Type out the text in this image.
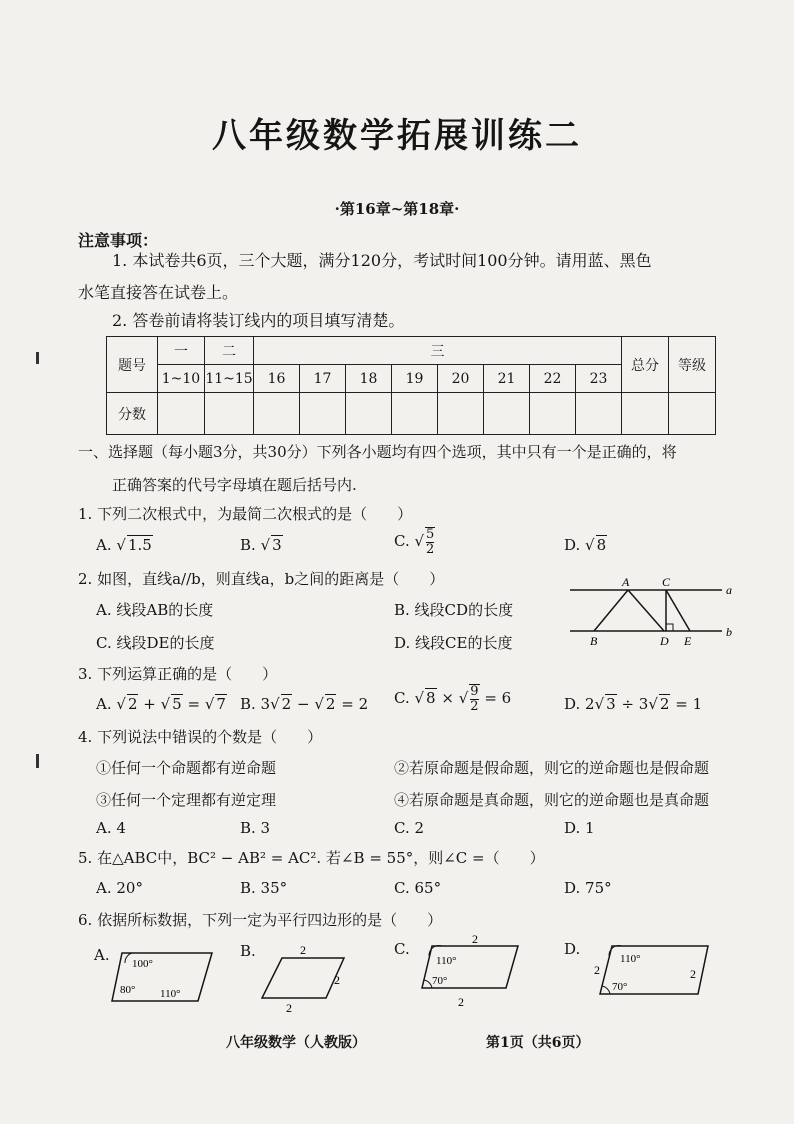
八年级数学拓展训练二
·第16章~第18章·
注意事项：
1. 本试卷共6页，三个大题，满分120分，考试时间100分钟。请用蓝、黑色
水笔直接答在试卷上。
2. 答卷前请将装订线内的项目填写清楚。
题号	一	二	三								总分	等级
	1~10	11~15	16	17	18	19	20	21	22	23		
分数												
一、选择题（每小题3分，共30分）下列各小题均有四个选项，其中只有一个是正确的，将
正确答案的代号字母填在题后括号内.
1. 下列二次根式中，为最简二次根式的是（　　）
A. √ 1.5	B. √ 3	C. √ $\frac{5}{2}$	D. √ 8
2. 如图，直线a//b，则直线a，b之间的距离是（　　）
A. 线段AB的长度	B. 线段CD的长度
C. 线段DE的长度	D. 线段CE的长度
A	C
a
B	D E
b
3. 下列运算正确的是（　　）
A. √ 2 + √ 5 = √ 7 B. 3√ 2 − √ 2 = 2 C. √ 8 × √ $\frac{9}{2} = 6$	D. 2√ 3 ÷ 3√ 2 = 1
4. 下列说法中错误的个数是（　　）
①任何一个命题都有逆命题	②若原命题是假命题，则它的逆命题也是假命题
③任何一个定理都有逆定理	④若原命题是真命题，则它的逆命题也是真命题
A. 4	B. 3	C. 2	D. 1
5. 在△ABC中，BC² − AB² = AC². 若∠B = 55°，则∠C =（　　）
A. 20°	B. 35°	C. 65°	D. 75°
6. 依据所标数据，下列一定为平行四边形的是（　　）
A. 100°
80° 110°
B.	2
2
2
C.
2
110°
70°
2
D.
110°
70°
2	2
八年级数学（人教版）	第1页（共6页）
